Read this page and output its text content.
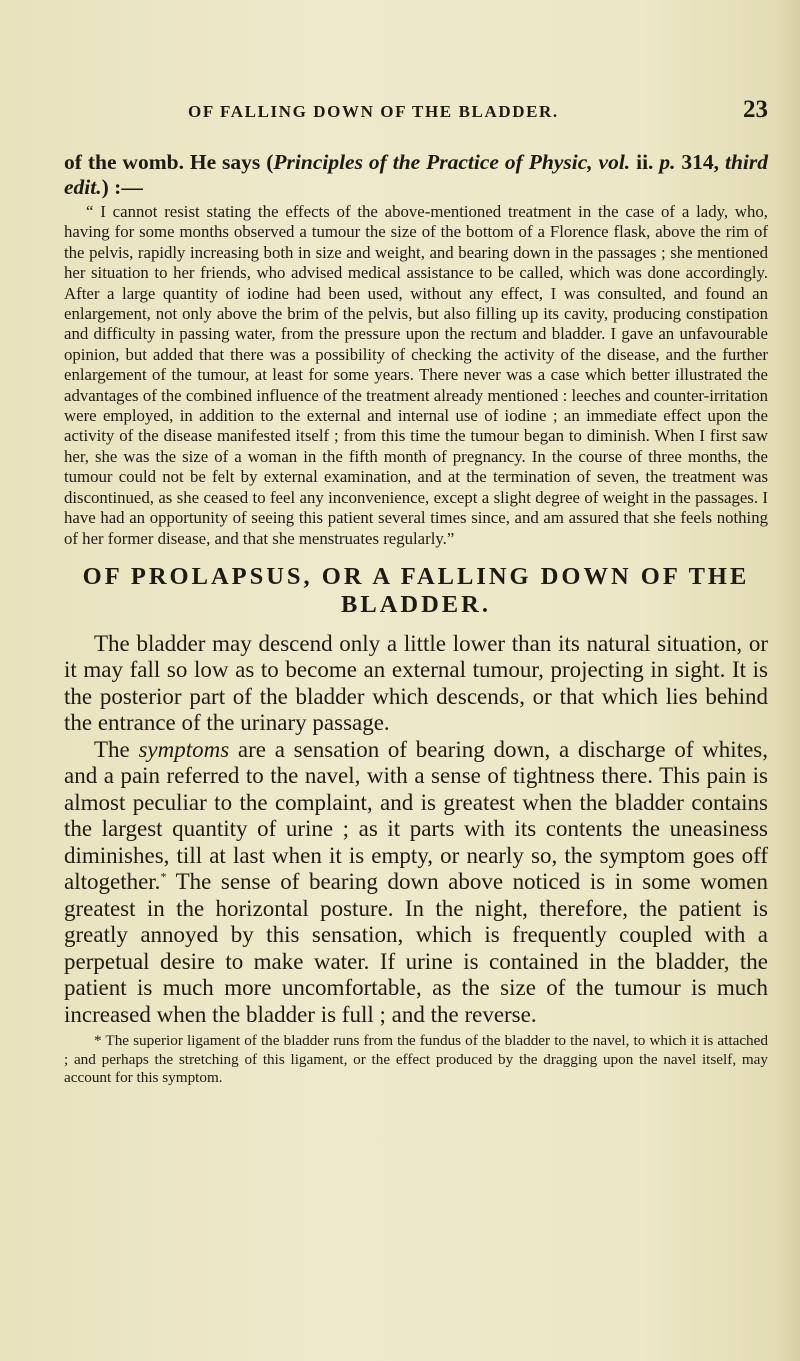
OF FALLING DOWN OF THE BLADDER.	23

of the womb. He says (Principles of the Practice of Physic, vol. ii. p. 314, third edit.) :—

“ I cannot resist stating the effects of the above-mentioned treatment in the case of a lady, who, having for some months observed a tumour the size of the bottom of a Florence flask, above the rim of the pelvis, rapidly increasing both in size and weight, and bearing down in the passages ; she mentioned her situation to her friends, who advised medical assistance to be called, which was done accordingly. After a large quantity of iodine had been used, without any effect, I was consulted, and found an enlargement, not only above the brim of the pelvis, but also filling up its cavity, producing constipation and difficulty in passing water, from the pressure upon the rectum and bladder. I gave an unfavourable opinion, but added that there was a possibility of checking the activity of the disease, and the further enlargement of the tumour, at least for some years. There never was a case which better illustrated the advantages of the combined influence of the treatment already mentioned : leeches and counter-irritation were employed, in addition to the external and internal use of iodine ; an immediate effect upon the activity of the disease manifested itself ; from this time the tumour began to diminish. When I first saw her, she was the size of a woman in the fifth month of pregnancy. In the course of three months, the tumour could not be felt by external examination, and at the termination of seven, the treatment was discontinued, as she ceased to feel any inconvenience, except a slight degree of weight in the passages. I have had an opportunity of seeing this patient several times since, and am assured that she feels nothing of her former disease, and that she menstruates regularly.”

OF PROLAPSUS, OR A FALLING DOWN OF THE BLADDER.

The bladder may descend only a little lower than its natural situation, or it may fall so low as to become an external tumour, projecting in sight. It is the posterior part of the bladder which descends, or that which lies behind the entrance of the urinary passage.

The symptoms are a sensation of bearing down, a discharge of whites, and a pain referred to the navel, with a sense of tightness there. This pain is almost peculiar to the complaint, and is greatest when the bladder contains the largest quantity of urine ; as it parts with its contents the uneasiness diminishes, till at last when it is empty, or nearly so, the symptom goes off altogether.* The sense of bearing down above noticed is in some women greatest in the horizontal posture. In the night, therefore, the patient is greatly annoyed by this sensation, which is frequently coupled with a perpetual desire to make water. If urine is contained in the bladder, the patient is much more uncomfortable, as the size of the tumour is much increased when the bladder is full ; and the reverse.

* The superior ligament of the bladder runs from the fundus of the bladder to the navel, to which it is attached ; and perhaps the stretching of this ligament, or the effect produced by the dragging upon the navel itself, may account for this symptom.
